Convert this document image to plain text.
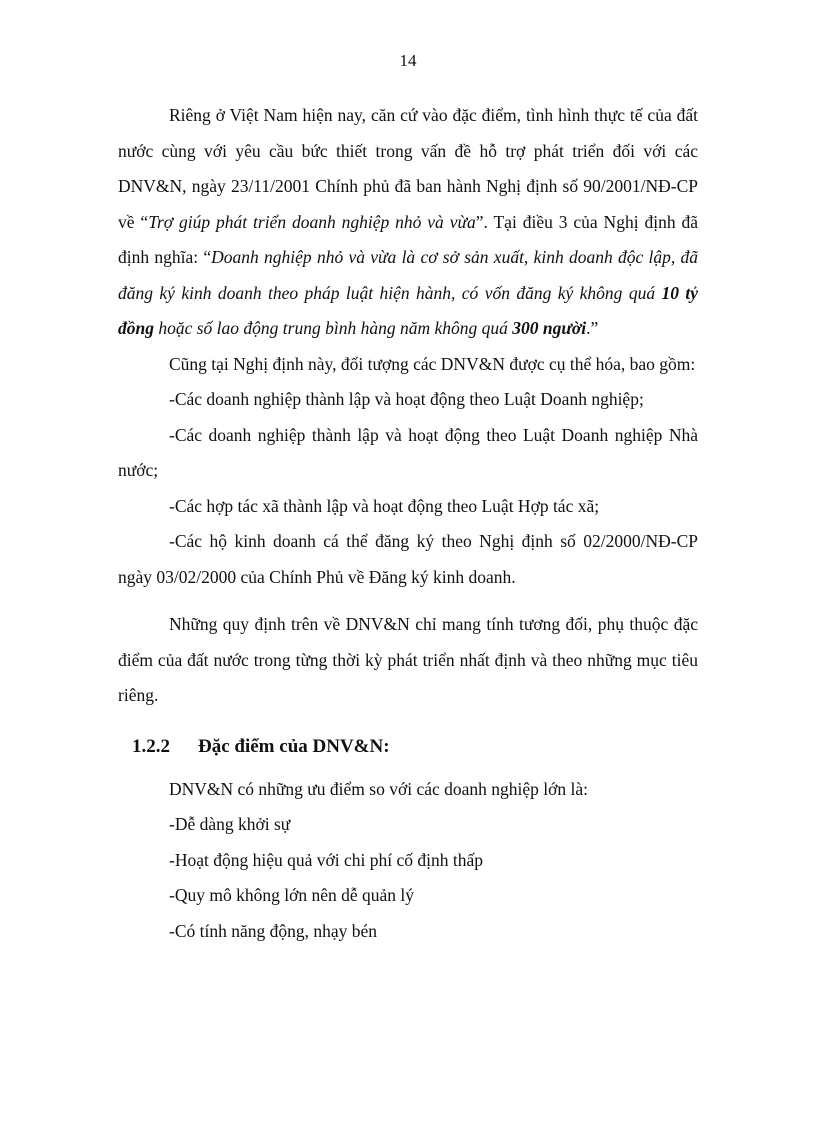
14

Riêng ở Việt Nam hiện nay, căn cứ vào đặc điểm, tình hình thực tế của đất nước cùng với yêu cầu bức thiết trong vấn đề hỗ trợ phát triển đối với các DNV&N, ngày 23/11/2001 Chính phủ đã ban hành Nghị định số 90/2001/NĐ-CP về “Trợ giúp phát triển doanh nghiệp nhỏ và vừa”. Tại điều 3 của Nghị định đã định nghĩa: “Doanh nghiệp nhỏ và vừa là cơ sở sản xuất, kinh doanh độc lập, đã đăng ký kinh doanh theo pháp luật hiện hành, có vốn đăng ký không quá 10 tỷ đồng hoặc số lao động trung bình hàng năm không quá 300 người.”

Cũng tại Nghị định này, đối tượng các DNV&N được cụ thể hóa, bao gồm:

-Các doanh nghiệp thành lập và hoạt động theo Luật Doanh nghiệp;

-Các doanh nghiệp thành lập và hoạt động theo Luật Doanh nghiệp Nhà nước;

-Các hợp tác xã thành lập và hoạt động theo Luật Hợp tác xã;

-Các hộ kinh doanh cá thể đăng ký theo Nghị định số 02/2000/NĐ-CP ngày 03/02/2000 của Chính Phủ về Đăng ký kinh doanh.

Những quy định trên về DNV&N chỉ mang tính tương đối, phụ thuộc đặc điểm của đất nước trong từng thời kỳ phát triển nhất định và theo những mục tiêu riêng.

1.2.2 Đặc điểm của DNV&N:

DNV&N có những ưu điểm so với các doanh nghiệp lớn là:

-Dễ dàng khởi sự

-Hoạt động hiệu quả với chi phí cố định thấp

-Quy mô không lớn nên dễ quản lý

-Có tính năng động, nhạy bén
